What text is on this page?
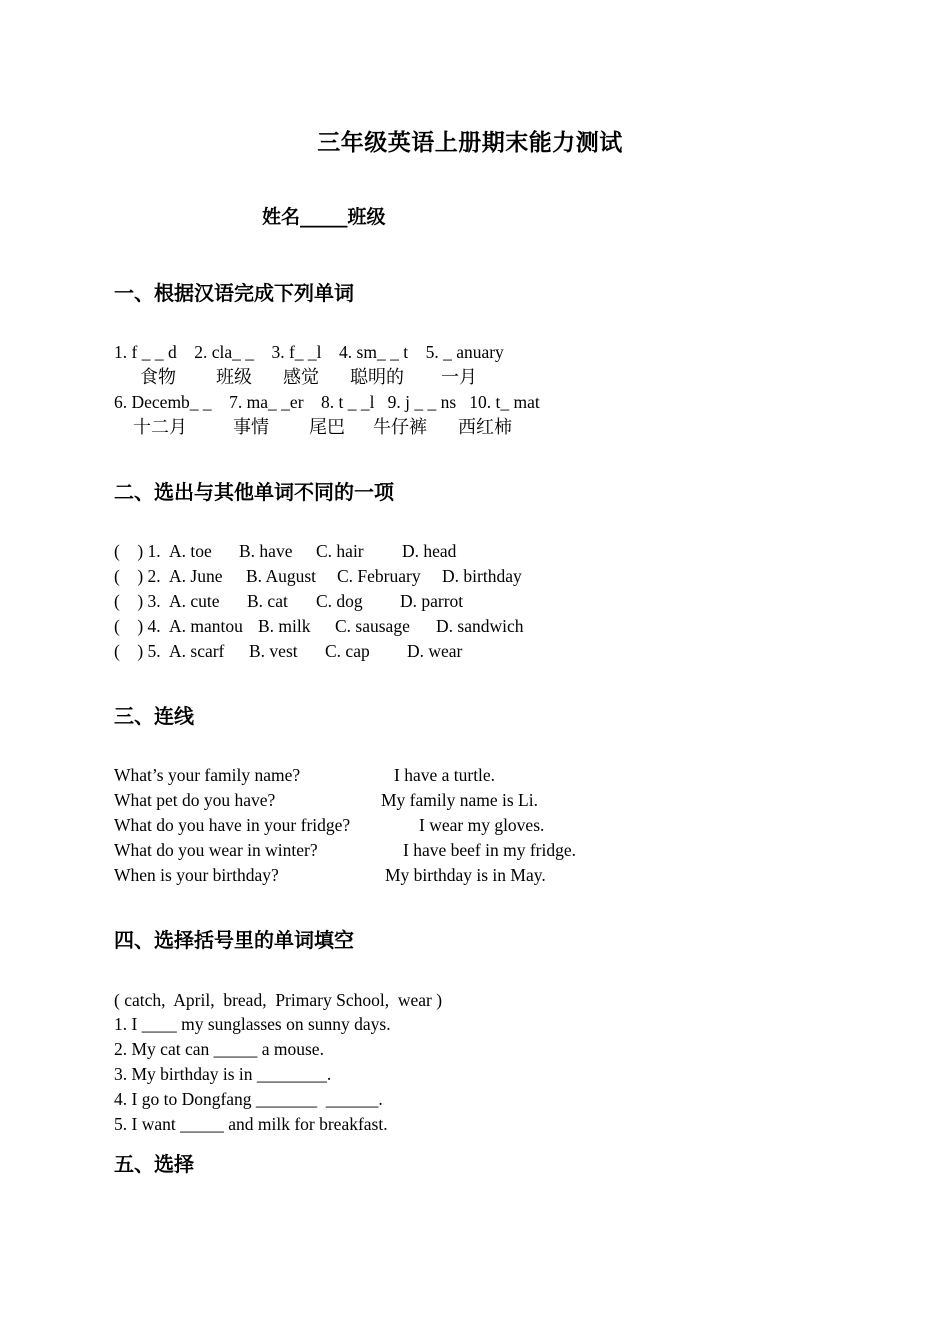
三年级英语上册期末能力测试
姓名_____班级
一、根据汉语完成下列单词
1. f _ _ d    2. cla_ _    3. f_ _l    4. sm_ _ t    5. _ anuary
食物 班级 感觉 聪明的 一月
6. Decemb_ _    7. ma_ _er    8. t _ _l   9. j _ _ ns   10. t_ mat
十二月	事情 尾巴 牛仔裤 西红柿
二、选出与其他单词不同的一项
(    ) 1. A. toe B. have C. hair D. head
(    ) 2. A. June B. August C. February D. birthday
(    ) 3. A. cute B. cat C. dog D. parrot
(    ) 4. A. mantou B. milk C. sausage D. sandwich
(    ) 5. A. scarf B. vest C. cap D. wear
三、连线
What’s your family name?	I have a turtle.
What pet do you have?	My family name is Li.
What do you have in your fridge?	I wear my gloves.
What do you wear in winter?	I have beef in my fridge.
When is your birthday?	My birthday is in May.
四、选择括号里的单词填空
( catch,  April,  bread,  Primary School,  wear )
1. I ____ my sunglasses on sunny days.
2. My cat can _____ a mouse.
3. My birthday is in ________.
4. I go to Dongfang _______  ______.
5. I want _____ and milk for breakfast.
五、选择
